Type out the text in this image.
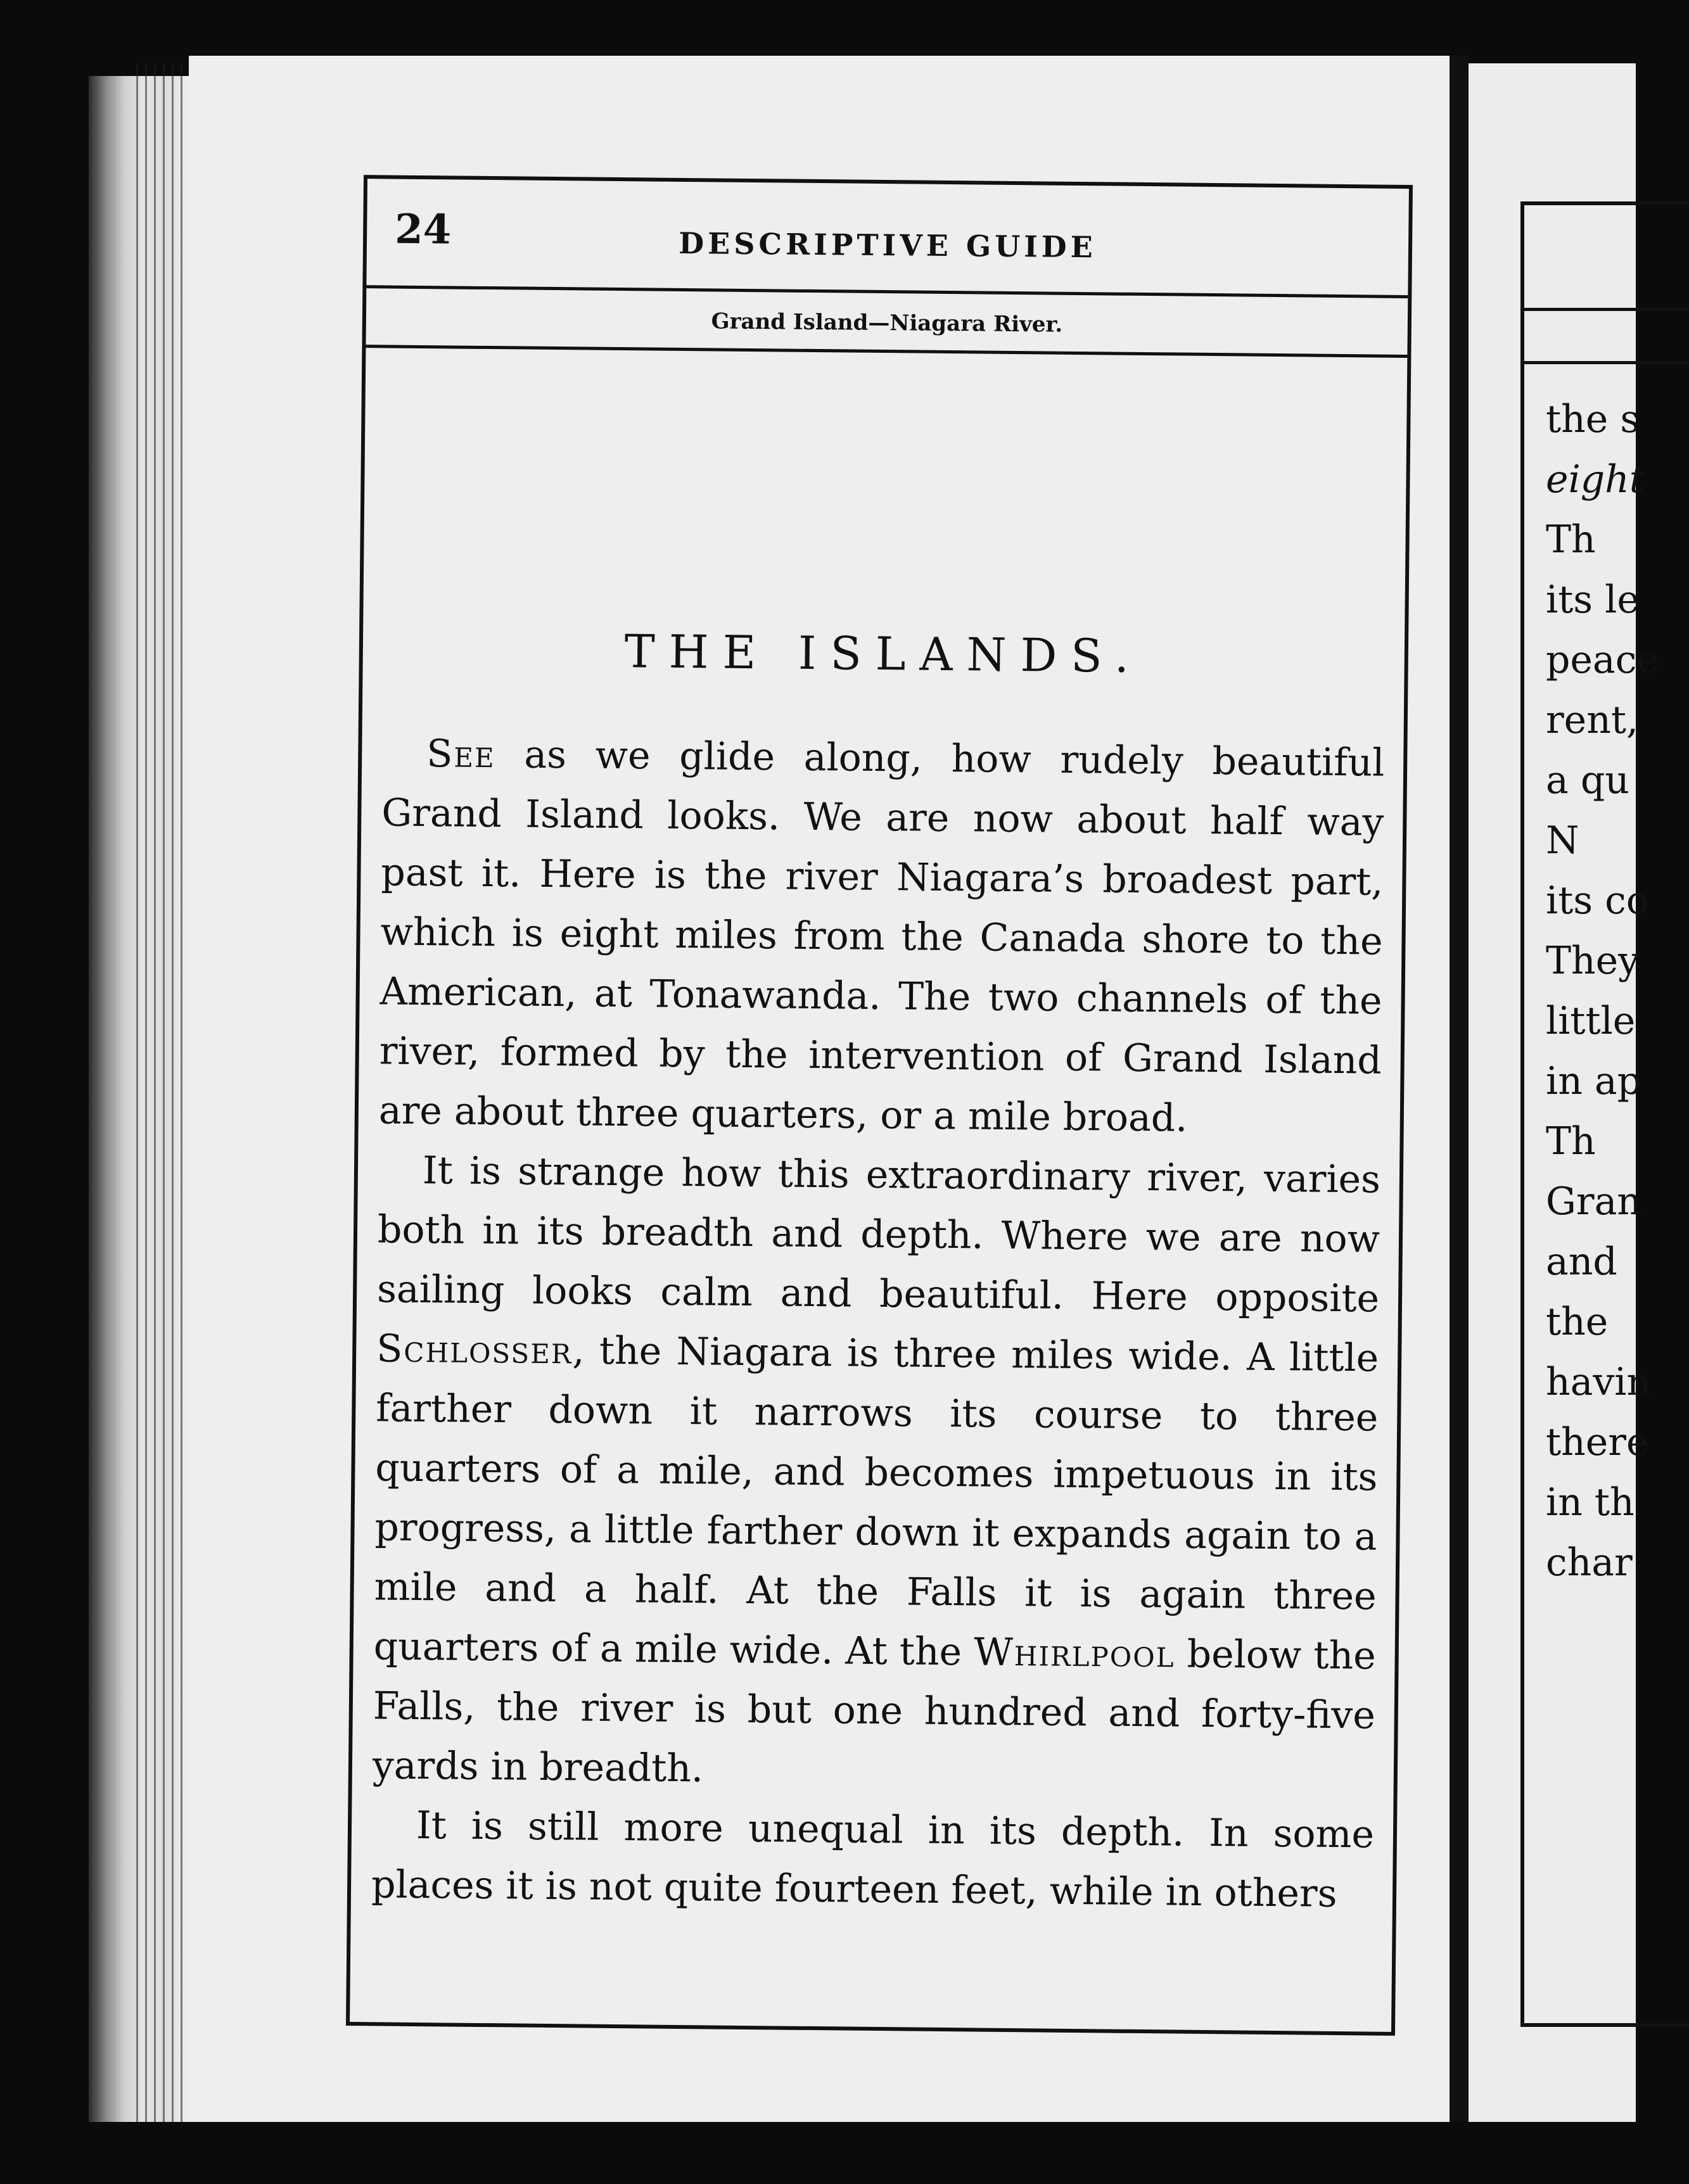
24	DESCRIPTIVE GUIDE
Grand Island—Niagara River.
THE ISLANDS.

See as we glide along, how rudely beautiful Grand Island looks. We are now about half way past it. Here is the river Niagara’s broadest part, which is eight miles from the Canada shore to the American, at Tonawanda. The two channels of the river, formed by the intervention of Grand Island are about three quarters, or a mile broad.

It is strange how this extraordinary river, varies both in its breadth and depth. Where we are now sailing looks calm and beautiful. Here opposite Schlosser, the Niagara is three miles wide. A little farther down it narrows its course to three quarters of a mile, and becomes impetuous in its progress, a little farther down it expands again to a mile and a half. At the Falls it is again three quarters of a mile wide. At the Whirlpool below the Falls, the river is but one hundred and forty-five yards in breadth.

It is still more unequal in its depth. In some places it is not quite fourteen feet, while in others

the s
eight
Th
its le
peace
rent,
a qu
N
its co
They
little
in ap
Th
Gran
and
the
havin
there
in th
char
